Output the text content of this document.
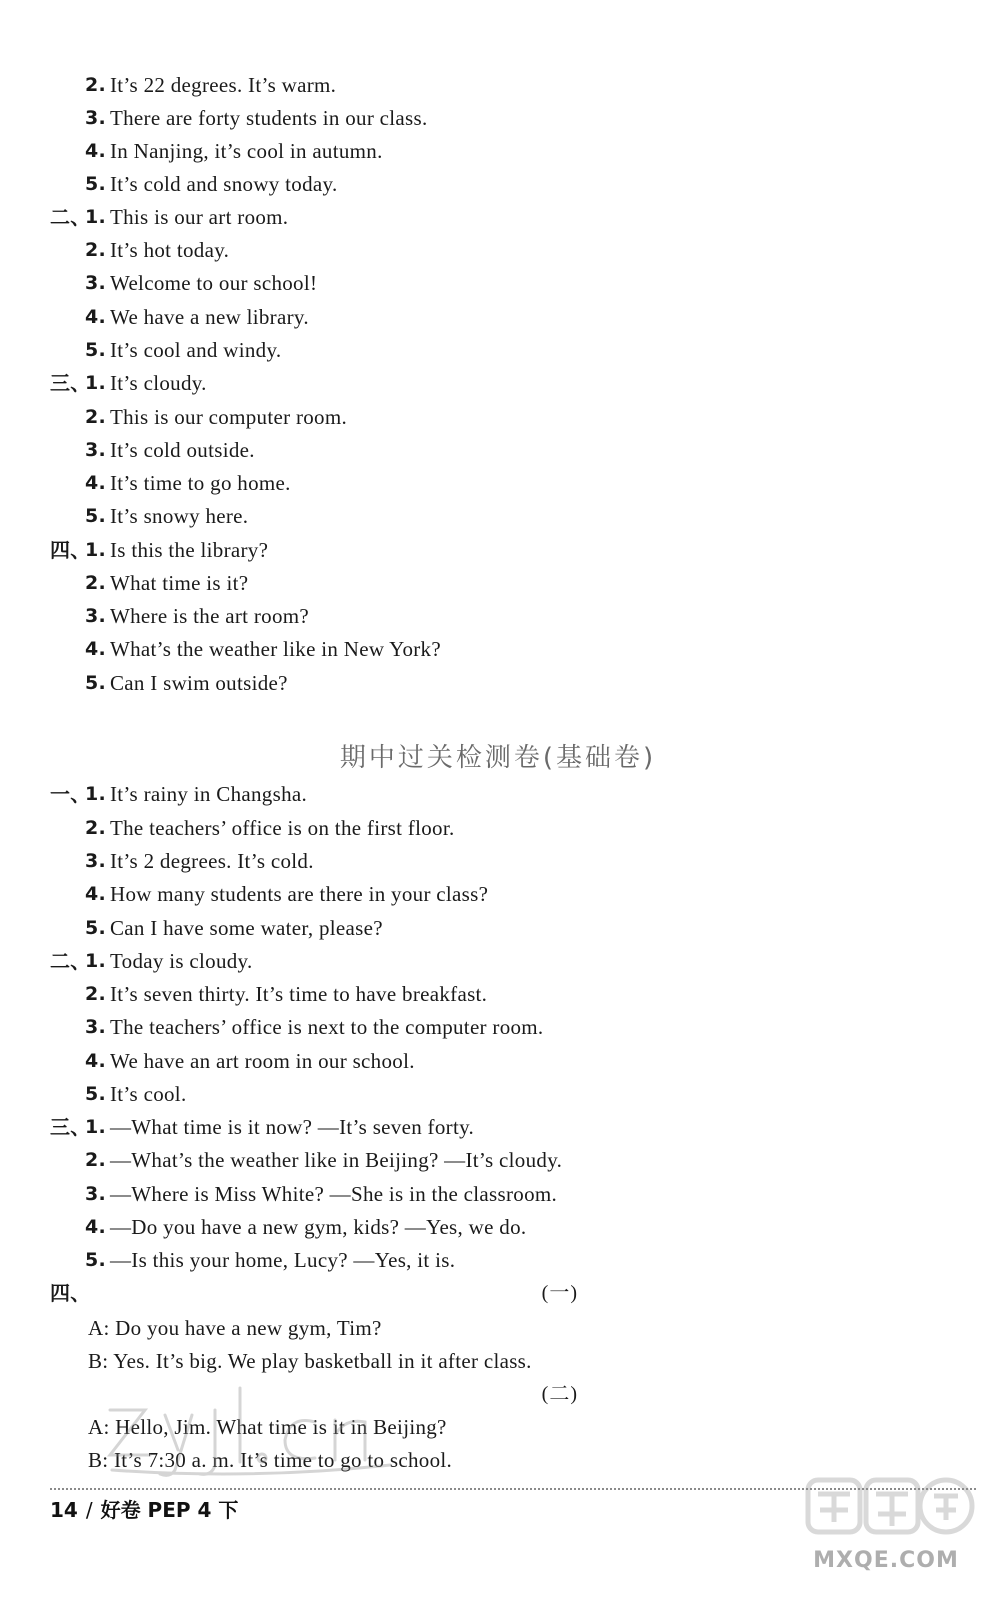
2. It’s 22 degrees. It’s warm.
3. There are forty students in our class.
4. In Nanjing, it’s cool in autumn.
5. It’s cold and snowy today.
二、
1. This is our art room.
2. It’s hot today.
3. Welcome to our school!
4. We have a new library.
5. It’s cool and windy.
三、
1. It’s cloudy.
2. This is our computer room.
3. It’s cold outside.
4. It’s time to go home.
5. It’s snowy here.
四、
1. Is this the library?
2. What time is it?
3. Where is the art room?
4. What’s the weather like in New York?
5. Can I swim outside?
期中过关检测卷(基础卷)
一、
1. It’s rainy in Changsha.
2. The teachers’ office is on the first floor.
3. It’s 2 degrees. It’s cold.
4. How many students are there in your class?
5. Can I have some water, please?
二、
1. Today is cloudy.
2. It’s seven thirty. It’s time to have breakfast.
3. The teachers’ office is next to the computer room.
4. We have an art room in our school.
5. It’s cool.
三、
1. —What time is it now? —It’s seven forty.
2. —What’s the weather like in Beijing? —It’s cloudy.
3. —Where is Miss White? —She is in the classroom.
4. —Do you have a new gym, kids? —Yes, we do.
5. —Is this your home, Lucy? —Yes, it is.
四、	(一)
A: Do you have a new gym, Tim?
B: Yes. It’s big. We play basketball in it after class.
(二)
A: Hello, Jim. What time is it in Beijing?
B: It’s 7:30 a. m. It’s time to go to school.
MXQE.COM
14 / 好卷 PEP 4 下
